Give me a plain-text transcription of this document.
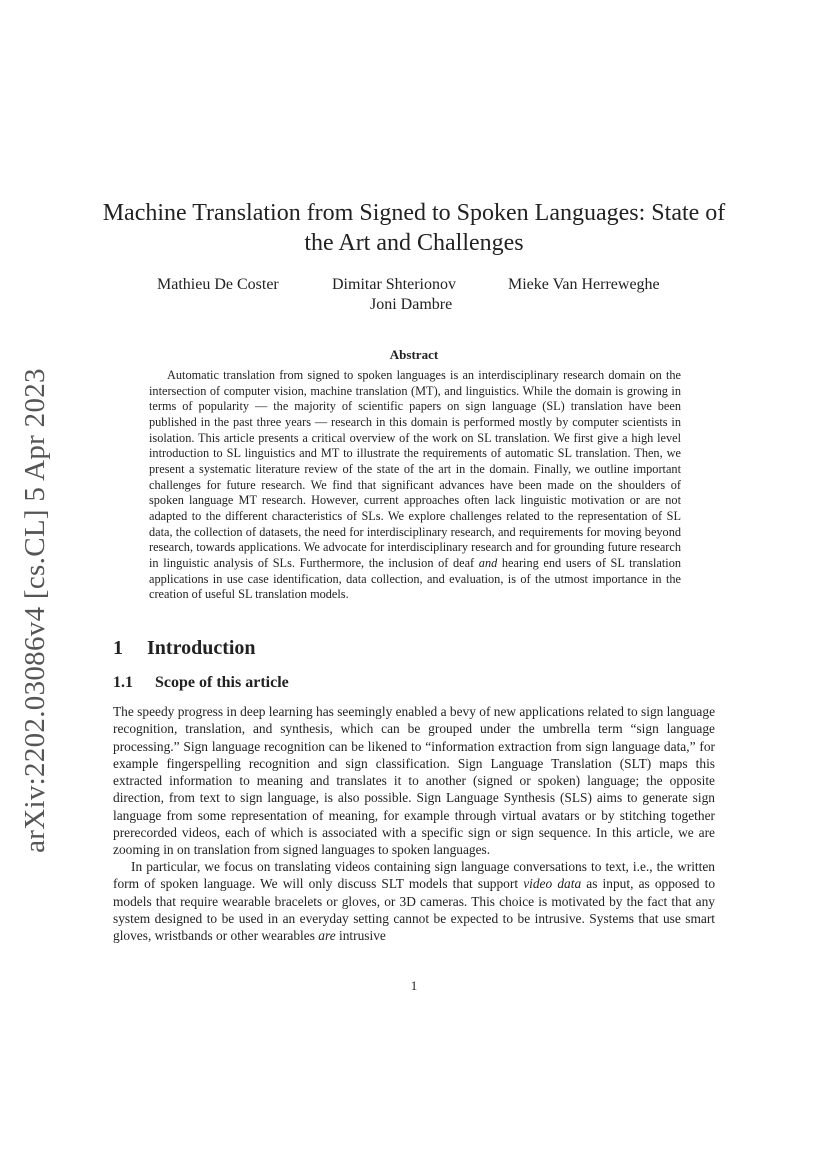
arXiv:2202.03086v4 [cs.CL] 5 Apr 2023
Machine Translation from Signed to Spoken Languages: State of the Art and Challenges
Mathieu De Coster	Dimitar Shterionov	Mieke Van Herreweghe
Joni Dambre
Abstract

Automatic translation from signed to spoken languages is an interdisciplinary research domain on the intersection of computer vision, machine translation (MT), and linguistics. While the domain is growing in terms of popularity — the majority of scientific papers on sign language (SL) translation have been published in the past three years — research in this domain is performed mostly by computer scientists in isolation. This article presents a critical overview of the work on SL translation. We first give a high level introduction to SL linguistics and MT to illustrate the requirements of automatic SL translation. Then, we present a systematic literature review of the state of the art in the domain. Finally, we outline important challenges for future research. We find that significant advances have been made on the shoulders of spoken language MT research. However, current approaches often lack linguistic motivation or are not adapted to the different characteristics of SLs. We explore challenges related to the representation of SL data, the collection of datasets, the need for interdisciplinary research, and requirements for moving beyond research, towards applications. We advocate for interdisciplinary research and for grounding future research in linguistic analysis of SLs. Furthermore, the inclusion of deaf and hearing end users of SL translation applications in use case identification, data collection, and evaluation, is of the utmost importance in the creation of useful SL translation models.

1 Introduction
1.1 Scope of this article

The speedy progress in deep learning has seemingly enabled a bevy of new applications related to sign language recognition, translation, and synthesis, which can be grouped under the umbrella term “sign language processing.” Sign language recognition can be likened to “information extraction from sign language data,” for example fingerspelling recognition and sign classification. Sign Language Translation (SLT) maps this extracted information to meaning and translates it to another (signed or spoken) language; the opposite direction, from text to sign language, is also possible. Sign Language Synthesis (SLS) aims to generate sign language from some representation of meaning, for example through virtual avatars or by stitching together prerecorded videos, each of which is associated with a specific sign or sign sequence. In this article, we are zooming in on translation from signed languages to spoken languages.

In particular, we focus on translating videos containing sign language conversations to text, i.e., the written form of spoken language. We will only discuss SLT models that support video data as input, as opposed to models that require wearable bracelets or gloves, or 3D cameras. This choice is motivated by the fact that any system designed to be used in an everyday setting cannot be expected to be intrusive. Systems that use smart gloves, wristbands or other wearables are intrusive

1
